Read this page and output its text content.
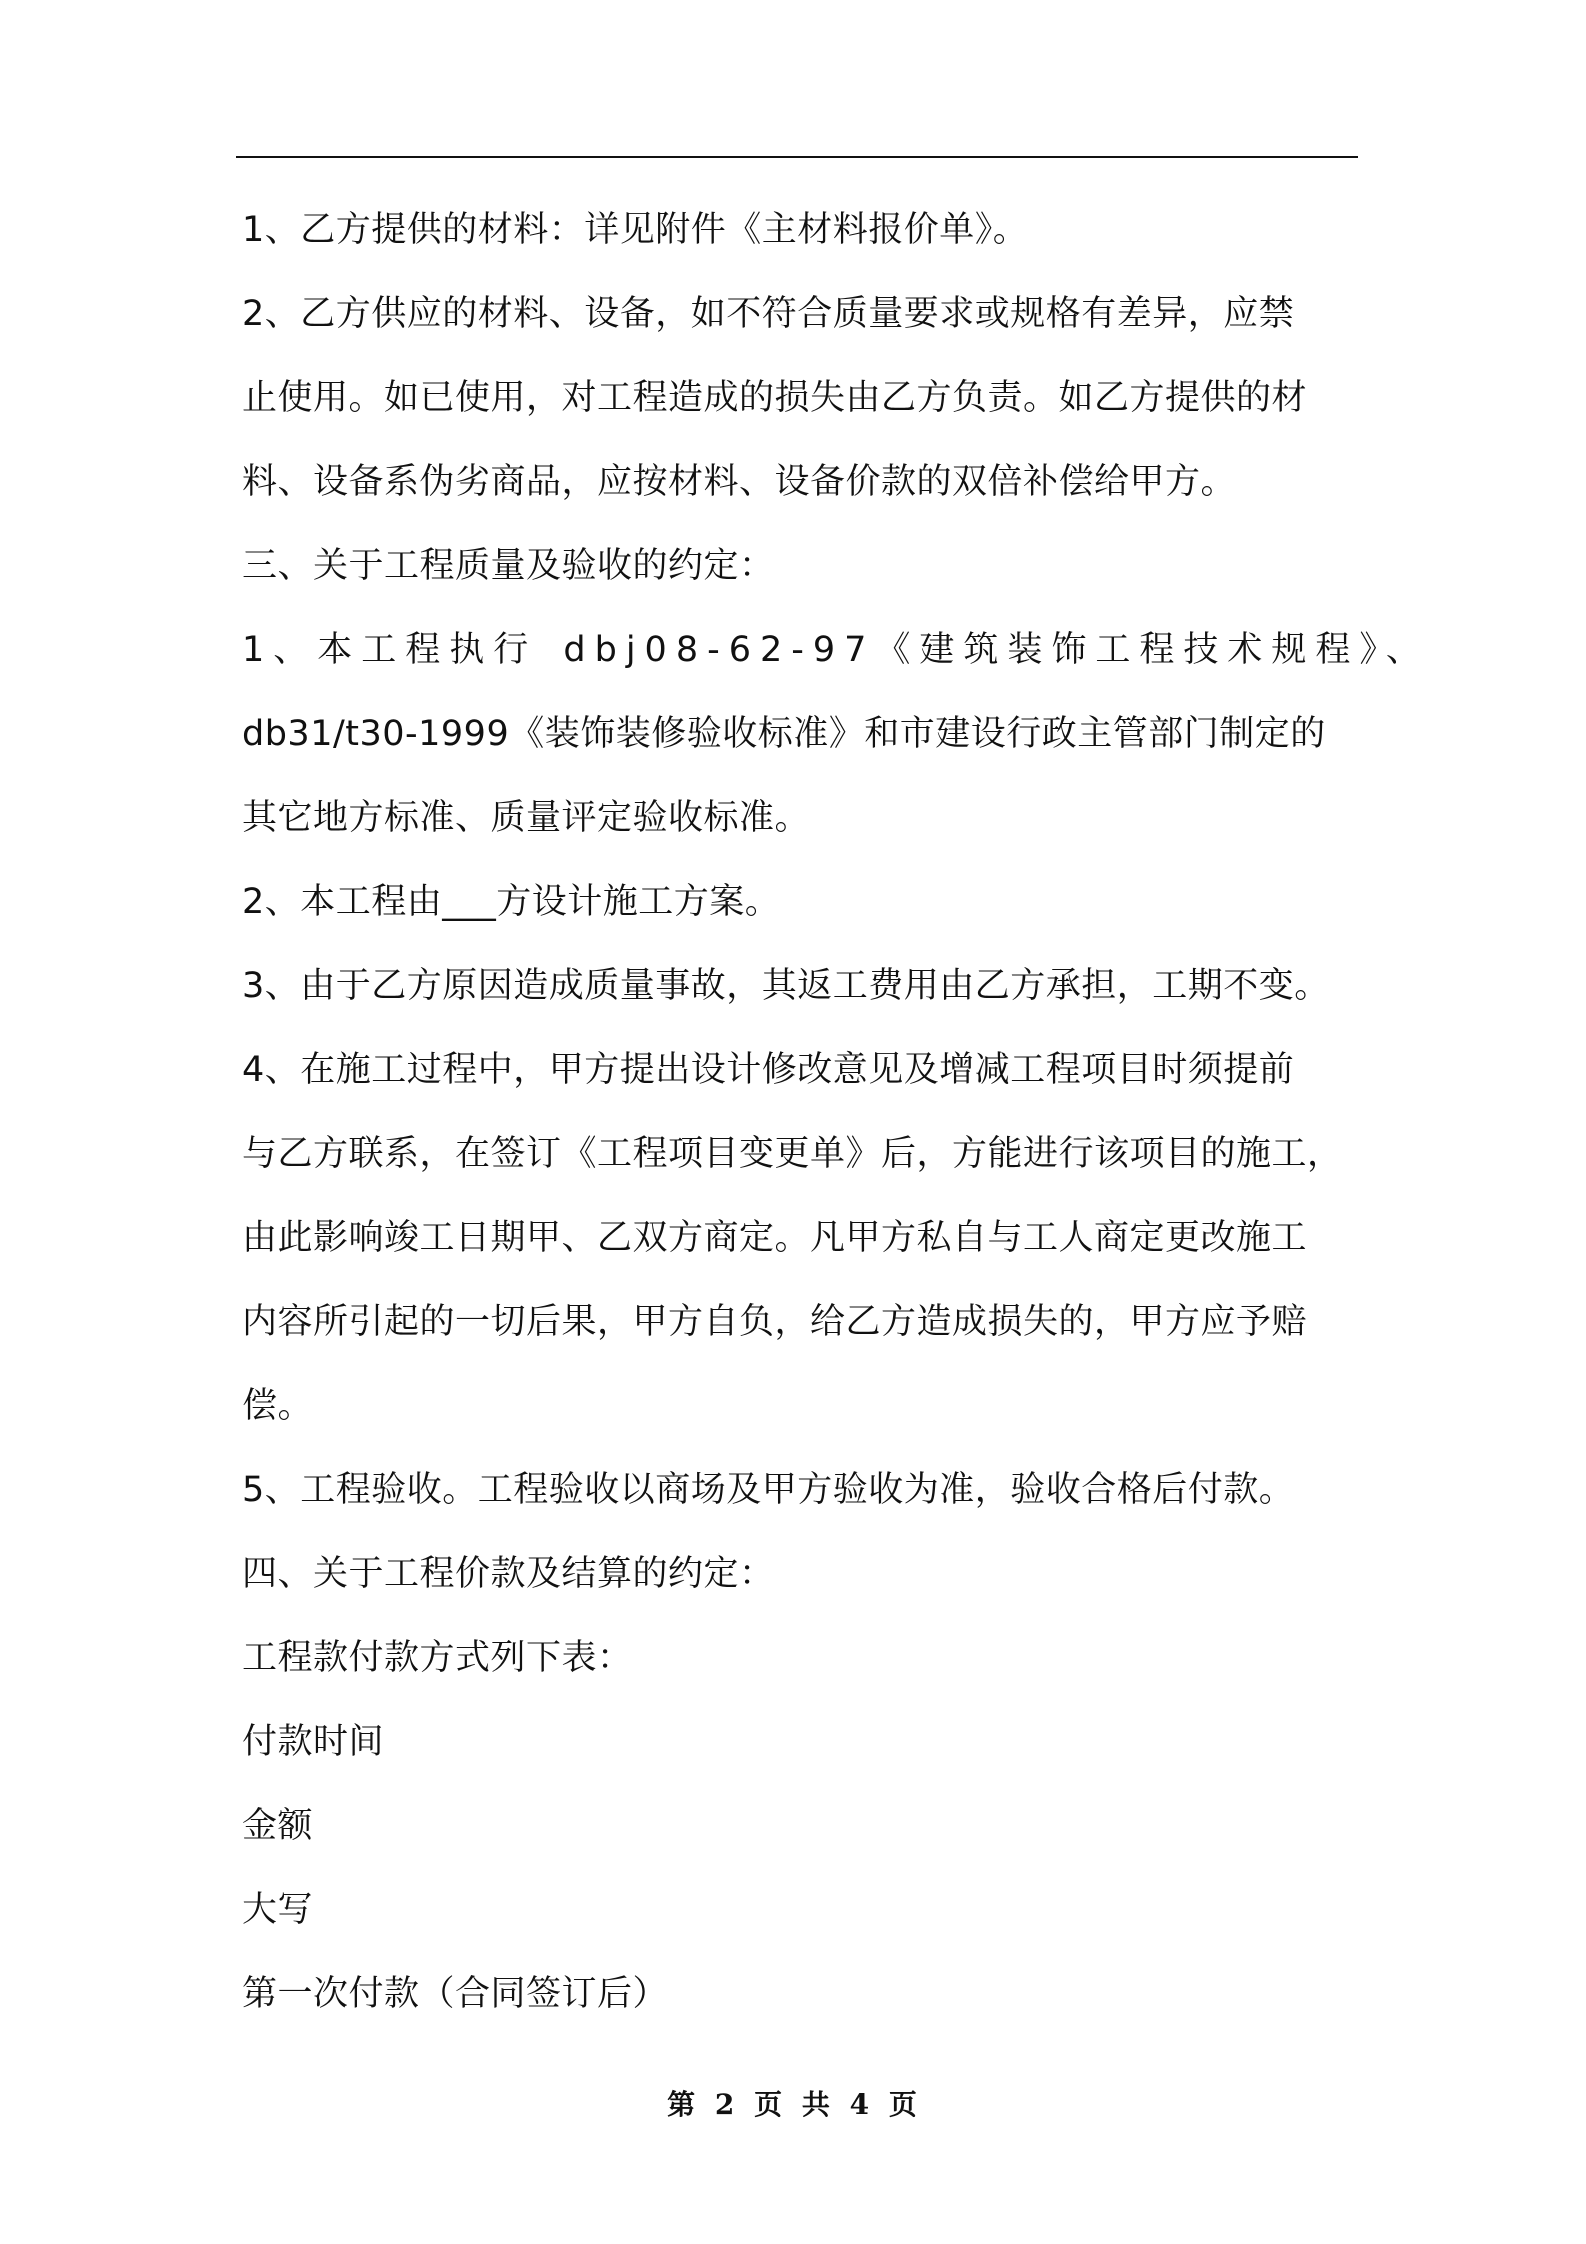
1、乙方提供的材料：详见附件《主材料报价单》。
2、乙方供应的材料、设备，如不符合质量要求或规格有差异，应禁
止使用。如已使用，对工程造成的损失由乙方负责。如乙方提供的材
料、设备系伪劣商品，应按材料、设备价款的双倍补偿给甲方。
三、关于工程质量及验收的约定：
1、本工程执行 dbj08-62-97《建筑装饰工程技术规程》、
db31/t30-1999《装饰装修验收标准》和市建设行政主管部门制定的
其它地方标准、质量评定验收标准。
2、本工程由___方设计施工方案。
3、由于乙方原因造成质量事故，其返工费用由乙方承担，工期不变。
4、在施工过程中，甲方提出设计修改意见及增减工程项目时须提前
与乙方联系，在签订《工程项目变更单》后，方能进行该项目的施工，
由此影响竣工日期甲、乙双方商定。凡甲方私自与工人商定更改施工
内容所引起的一切后果，甲方自负，给乙方造成损失的，甲方应予赔
偿。
5、工程验收。工程验收以商场及甲方验收为准，验收合格后付款。
四、关于工程价款及结算的约定：
工程款付款方式列下表：
付款时间
金额
大写
第一次付款（合同签订后）
第 2 页 共 4 页
